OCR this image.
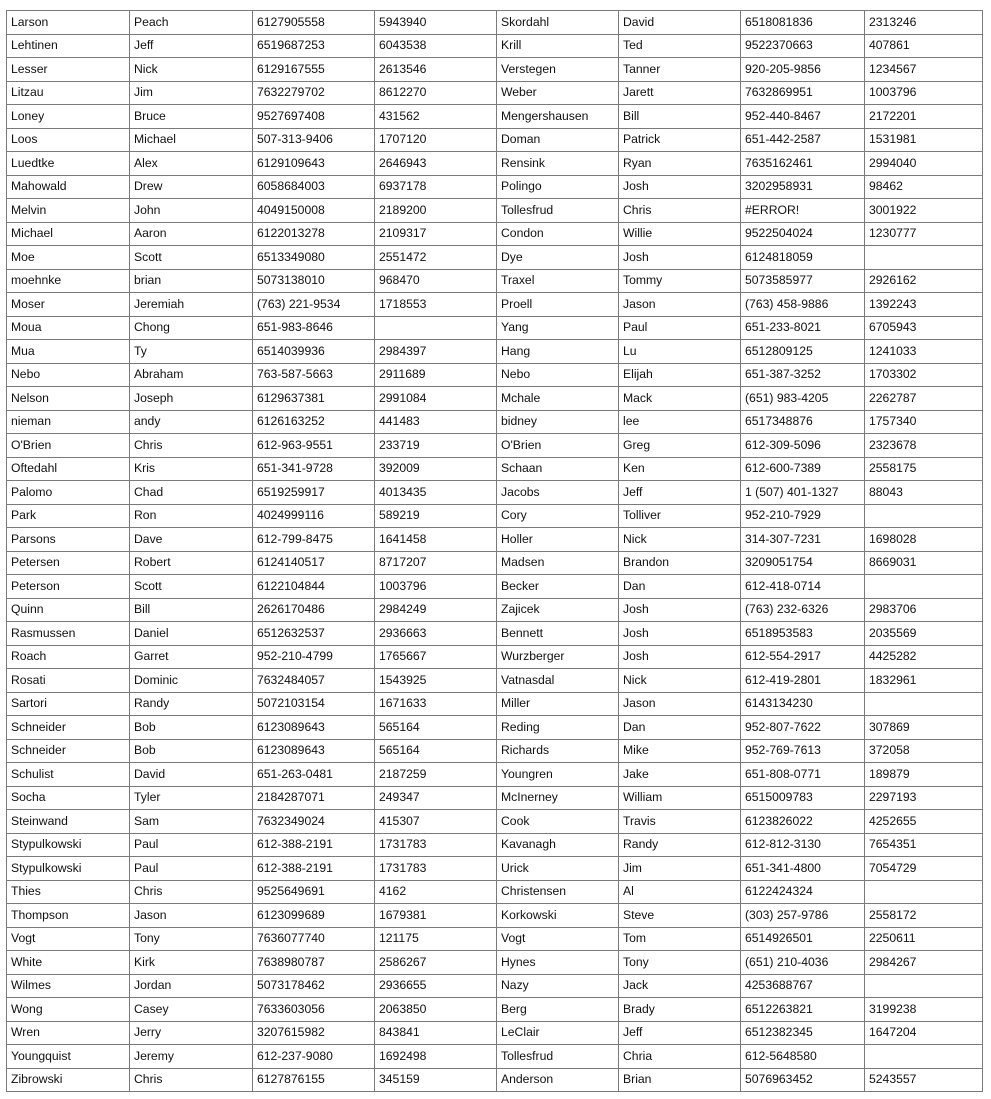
Larson	Peach	6127905558	5943940	Skordahl	David	6518081836	2313246
Lehtinen	Jeff	6519687253	6043538	Krill	Ted	9522370663	407861
Lesser	Nick	6129167555	2613546	Verstegen	Tanner	920-205-9856	1234567
Litzau	Jim	7632279702	8612270	Weber	Jarett	7632869951	1003796
Loney	Bruce	9527697408	431562	Mengershausen	Bill	952-440-8467	2172201
Loos	Michael	507-313-9406	1707120	Doman	Patrick	651-442-2587	1531981
Luedtke	Alex	6129109643	2646943	Rensink	Ryan	7635162461	2994040
Mahowald	Drew	6058684003	6937178	Polingo	Josh	3202958931	98462
Melvin	John	4049150008	2189200	Tollesfrud	Chris	#ERROR!	3001922
Michael	Aaron	6122013278	2109317	Condon	Willie	9522504024	1230777
Moe	Scott	6513349080	2551472	Dye	Josh	6124818059	
moehnke	brian	5073138010	968470	Traxel	Tommy	5073585977	2926162
Moser	Jeremiah	(763) 221-9534	1718553	Proell	Jason	(763) 458-9886	1392243
Moua	Chong	651-983-8646		Yang	Paul	651-233-8021	6705943
Mua	Ty	6514039936	2984397	Hang	Lu	6512809125	1241033
Nebo	Abraham	763-587-5663	2911689	Nebo	Elijah	651-387-3252	1703302
Nelson	Joseph	6129637381	2991084	Mchale	Mack	(651) 983-4205	2262787
nieman	andy	6126163252	441483	bidney	lee	6517348876	1757340
O'Brien	Chris	612-963-9551	233719	O'Brien	Greg	612-309-5096	2323678
Oftedahl	Kris	651-341-9728	392009	Schaan	Ken	612-600-7389	2558175
Palomo	Chad	6519259917	4013435	Jacobs	Jeff	1 (507) 401-1327	88043
Park	Ron	4024999116	589219	Cory	Tolliver	952-210-7929	
Parsons	Dave	612-799-8475	1641458	Holler	Nick	314-307-7231	1698028
Petersen	Robert	6124140517	8717207	Madsen	Brandon	3209051754	8669031
Peterson	Scott	6122104844	1003796	Becker	Dan	612-418-0714	
Quinn	Bill	2626170486	2984249	Zajicek	Josh	(763) 232-6326	2983706
Rasmussen	Daniel	6512632537	2936663	Bennett	Josh	6518953583	2035569
Roach	Garret	952-210-4799	1765667	Wurzberger	Josh	612-554-2917	4425282
Rosati	Dominic	7632484057	1543925	Vatnasdal	Nick	612-419-2801	1832961
Sartori	Randy	5072103154	1671633	Miller	Jason	6143134230	
Schneider	Bob	6123089643	565164	Reding	Dan	952-807-7622	307869
Schneider	Bob	6123089643	565164	Richards	Mike	952-769-7613	372058
Schulist	David	651-263-0481	2187259	Youngren	Jake	651-808-0771	189879
Socha	Tyler	2184287071	249347	McInerney	William	6515009783	2297193
Steinwand	Sam	7632349024	415307	Cook	Travis	6123826022	4252655
Stypulkowski	Paul	612-388-2191	1731783	Kavanagh	Randy	612-812-3130	7654351
Stypulkowski	Paul	612-388-2191	1731783	Urick	Jim	651-341-4800	7054729
Thies	Chris	9525649691	4162	Christensen	Al	6122424324	
Thompson	Jason	6123099689	1679381	Korkowski	Steve	(303) 257-9786	2558172
Vogt	Tony	7636077740	121175	Vogt	Tom	6514926501	2250611
White	Kirk	7638980787	2586267	Hynes	Tony	(651) 210-4036	2984267
Wilmes	Jordan	5073178462	2936655	Nazy	Jack	4253688767	
Wong	Casey	7633603056	2063850	Berg	Brady	6512263821	3199238
Wren	Jerry	3207615982	843841	LeClair	Jeff	6512382345	1647204
Youngquist	Jeremy	612-237-9080	1692498	Tollesfrud	Chria	612-5648580	
Zibrowski	Chris	6127876155	345159	Anderson	Brian	5076963452	5243557
